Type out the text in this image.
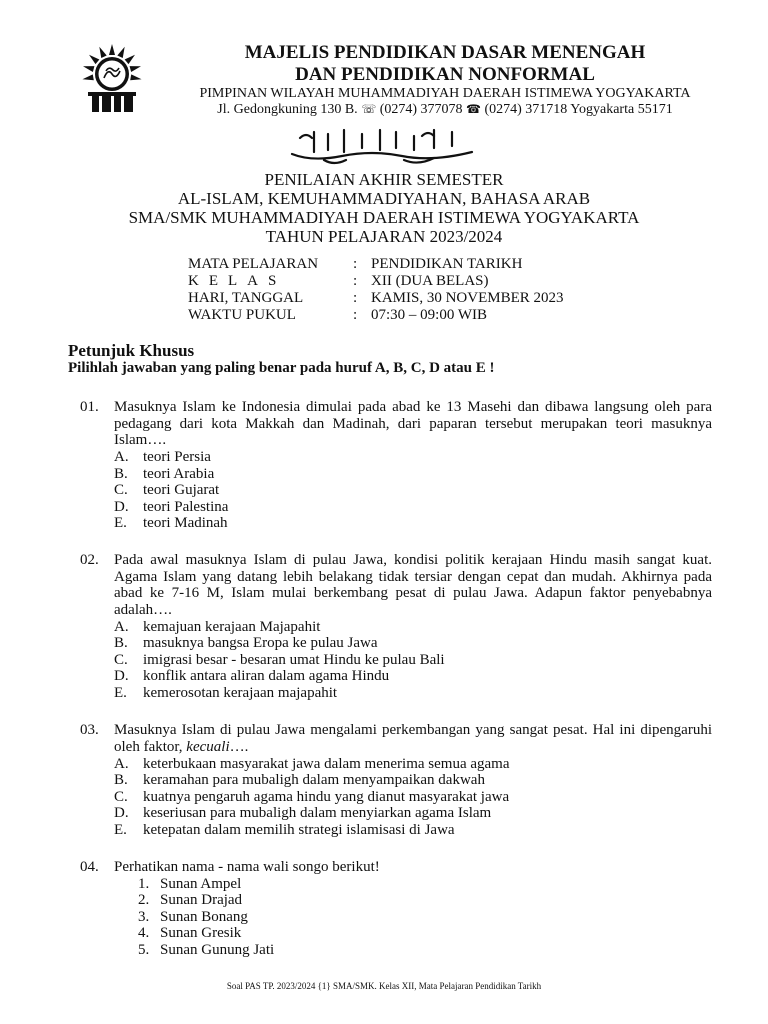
MAJELIS PENDIDIKAN DASAR MENENGAH
DAN PENDIDIKAN NONFORMAL
PIMPINAN WILAYAH MUHAMMADIYAH DAERAH ISTIMEWA YOGYAKARTA
Jl. Gedongkuning 130 B. ☏ (0274) 377078 ☎ (0274) 371718 Yogyakarta 55171
PENILAIAN AKHIR SEMESTER
AL-ISLAM, KEMUHAMMADIYAHAN, BAHASA ARAB
SMA/SMK MUHAMMADIYAH DAERAH ISTIMEWA YOGYAKARTA
TAHUN PELAJARAN 2023/2024
MATA PELAJARAN : PENDIDIKAN TARIKH
KELAS	: XII (DUA BELAS)
HARI, TANGGAL	: KAMIS, 30 NOVEMBER 2023
WAKTU PUKUL	: 07:30 – 09:00 WIB
Petunjuk Khusus
Pilihlah jawaban yang paling benar pada huruf A, B, C, D atau E !
01. Masuknya Islam ke Indonesia dimulai pada abad ke 13 Masehi dan dibawa langsung oleh para pedagang dari kota Makkah dan Madinah, dari paparan tersebut merupakan teori masuknya Islam….
A. teori Persia
B. teori Arabia
C. teori Gujarat
D. teori Palestina
E. teori Madinah
02. Pada awal masuknya Islam di pulau Jawa, kondisi politik kerajaan Hindu masih sangat kuat. Agama Islam yang datang lebih belakang tidak tersiar dengan cepat dan mudah. Akhirnya pada abad ke 7-16 M, Islam mulai berkembang pesat di pulau Jawa. Adapun faktor penyebabnya adalah….
A. kemajuan kerajaan Majapahit
B. masuknya bangsa Eropa ke pulau Jawa
C. imigrasi besar - besaran umat Hindu ke pulau Bali
D. konflik antara aliran dalam agama Hindu
E. kemerosotan kerajaan majapahit
03. Masuknya Islam di pulau Jawa mengalami perkembangan yang sangat pesat. Hal ini dipengaruhi oleh faktor, kecuali….
A. keterbukaan masyarakat jawa dalam menerima semua agama
B. keramahan para mubaligh dalam menyampaikan dakwah
C. kuatnya pengaruh agama hindu yang dianut masyarakat jawa
D. keseriusan para mubaligh dalam menyiarkan agama Islam
E. ketepatan dalam memilih strategi islamisasi di Jawa
04. Perhatikan nama - nama wali songo berikut!
1. Sunan Ampel
2. Sunan Drajad
3. Sunan Bonang
4. Sunan Gresik
5. Sunan Gunung Jati
Soal PAS TP. 2023/2024 {1} SMA/SMK. Kelas XII, Mata Pelajaran Pendidikan Tarikh
